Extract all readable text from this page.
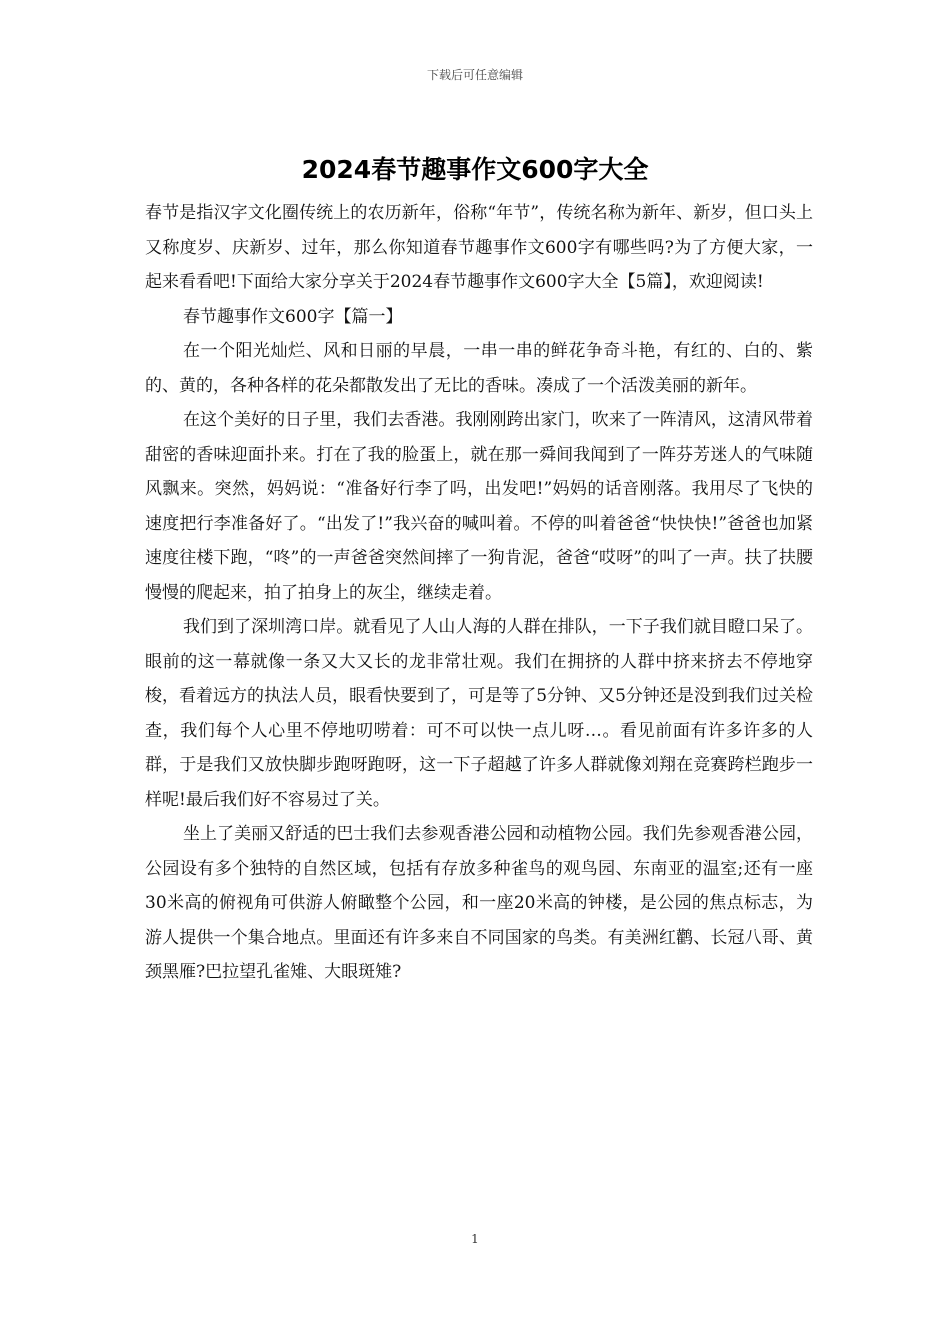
下载后可任意编辑
2024春节趣事作文600字大全

春节是指汉字文化圈传统上的农历新年，俗称“年节”，传统名称为新年、新岁，但口头上又称度岁、庆新岁、过年，那么你知道春节趣事作文600字有哪些吗?为了方便大家，一起来看看吧!下面给大家分享关于2024春节趣事作文600字大全【5篇】，欢迎阅读!

春节趣事作文600字【篇一】

在一个阳光灿烂、风和日丽的早晨，一串一串的鲜花争奇斗艳，有红的、白的、紫的、黄的，各种各样的花朵都散发出了无比的香味。凑成了一个活泼美丽的新年。

在这个美好的日子里，我们去香港。我刚刚跨出家门，吹来了一阵清风，这清风带着甜密的香味迎面扑来。打在了我的脸蛋上，就在那一舜间我闻到了一阵芬芳迷人的气味随风飘来。突然，妈妈说：“准备好行李了吗，出发吧!”妈妈的话音刚落。我用尽了飞快的速度把行李准备好了。“出发了!”我兴奋的喊叫着。不停的叫着爸爸“快快快!”爸爸也加紧速度往楼下跑，“咚”的一声爸爸突然间摔了一狗肯泥，爸爸“哎呀”的叫了一声。扶了扶腰慢慢的爬起来，拍了拍身上的灰尘，继续走着。

我们到了深圳湾口岸。就看见了人山人海的人群在排队，一下子我们就目瞪口呆了。眼前的这一幕就像一条又大又长的龙非常壮观。我们在拥挤的人群中挤来挤去不停地穿梭，看着远方的执法人员，眼看快要到了，可是等了5分钟、又5分钟还是没到我们过关检查，我们每个人心里不停地叨唠着：可不可以快一点儿呀…。看见前面有许多许多的人群，于是我们又放快脚步跑呀跑呀，这一下子超越了许多人群就像刘翔在竞赛跨栏跑步一样呢!最后我们好不容易过了关。

坐上了美丽又舒适的巴士我们去参观香港公园和动植物公园。我们先参观香港公园，公园设有多个独特的自然区域，包括有存放多种雀鸟的观鸟园、东南亚的温室;还有一座30米高的俯视角可供游人俯瞰整个公园，和一座20米高的钟楼，是公园的焦点标志，为游人提供一个集合地点。里面还有许多来自不同国家的鸟类。有美洲红鹳、长冠八哥、黄颈黑雁?巴拉望孔雀雉、大眼斑雉?

1
